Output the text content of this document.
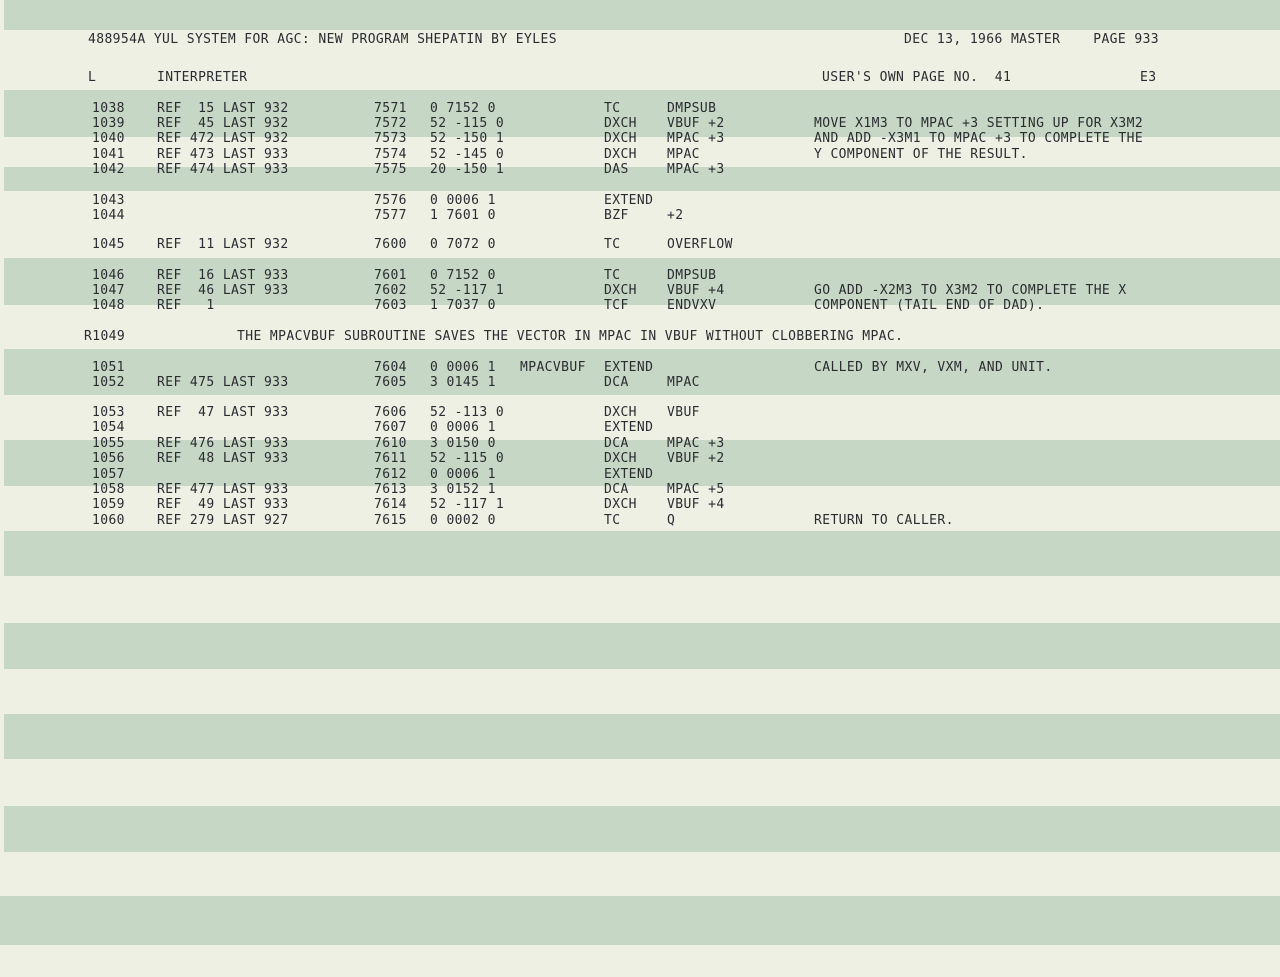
488954A YUL SYSTEM FOR AGC: NEW PROGRAM SHEPATIN BY EYLES	DEC 13, 1966 MASTER    PAGE 933
L	INTERPRETER	USER'S OWN PAGE NO.  41	E3
R1049	THE MPACVBUF SUBROUTINE SAVES THE VECTOR IN MPAC IN VBUF WITHOUT CLOBBERING MPAC.
1038 REF  15 LAST 932	7571 0 7152 0	TC	DMPSUB
1039 REF  45 LAST 932	7572 52 -115 0	DXCH VBUF +2	MOVE X1M3 TO MPAC +3 SETTING UP FOR X3M2
1040 REF 472 LAST 932	7573 52 -150 1	DXCH MPAC +3	AND ADD -X3M1 TO MPAC +3 TO COMPLETE THE
1041 REF 473 LAST 933	7574 52 -145 0	DXCH MPAC	Y COMPONENT OF THE RESULT.
1042 REF 474 LAST 933	7575 20 -150 1	DAS	MPAC +3
1043	7576 0 0006 1	EXTEND
1044	7577 1 7601 0	BZF	+2
1045 REF  11 LAST 932	7600 0 7072 0	TC	OVERFLOW
1046 REF  16 LAST 933	7601 0 7152 0	TC	DMPSUB
1047 REF  46 LAST 933	7602 52 -117 1	DXCH VBUF +4	GO ADD -X2M3 TO X3M2 TO COMPLETE THE X
1048 REF   1	7603 1 7037 0	TCF	ENDVXV	COMPONENT (TAIL END OF DAD).
1051	7604 0 0006 1 MPACVBUF EXTEND	CALLED BY MXV, VXM, AND UNIT.
1052 REF 475 LAST 933	7605 3 0145 1	DCA	MPAC
1053 REF  47 LAST 933	7606 52 -113 0	DXCH VBUF
1054	7607 0 0006 1	EXTEND
1055 REF 476 LAST 933	7610 3 0150 0	DCA	MPAC +3
1056 REF  48 LAST 933	7611 52 -115 0	DXCH VBUF +2
1057	7612 0 0006 1	EXTEND
1058 REF 477 LAST 933	7613 3 0152 1	DCA	MPAC +5
1059 REF  49 LAST 933	7614 52 -117 1	DXCH VBUF +4
1060 REF 279 LAST 927	7615 0 0002 0	TC	Q	RETURN TO CALLER.
